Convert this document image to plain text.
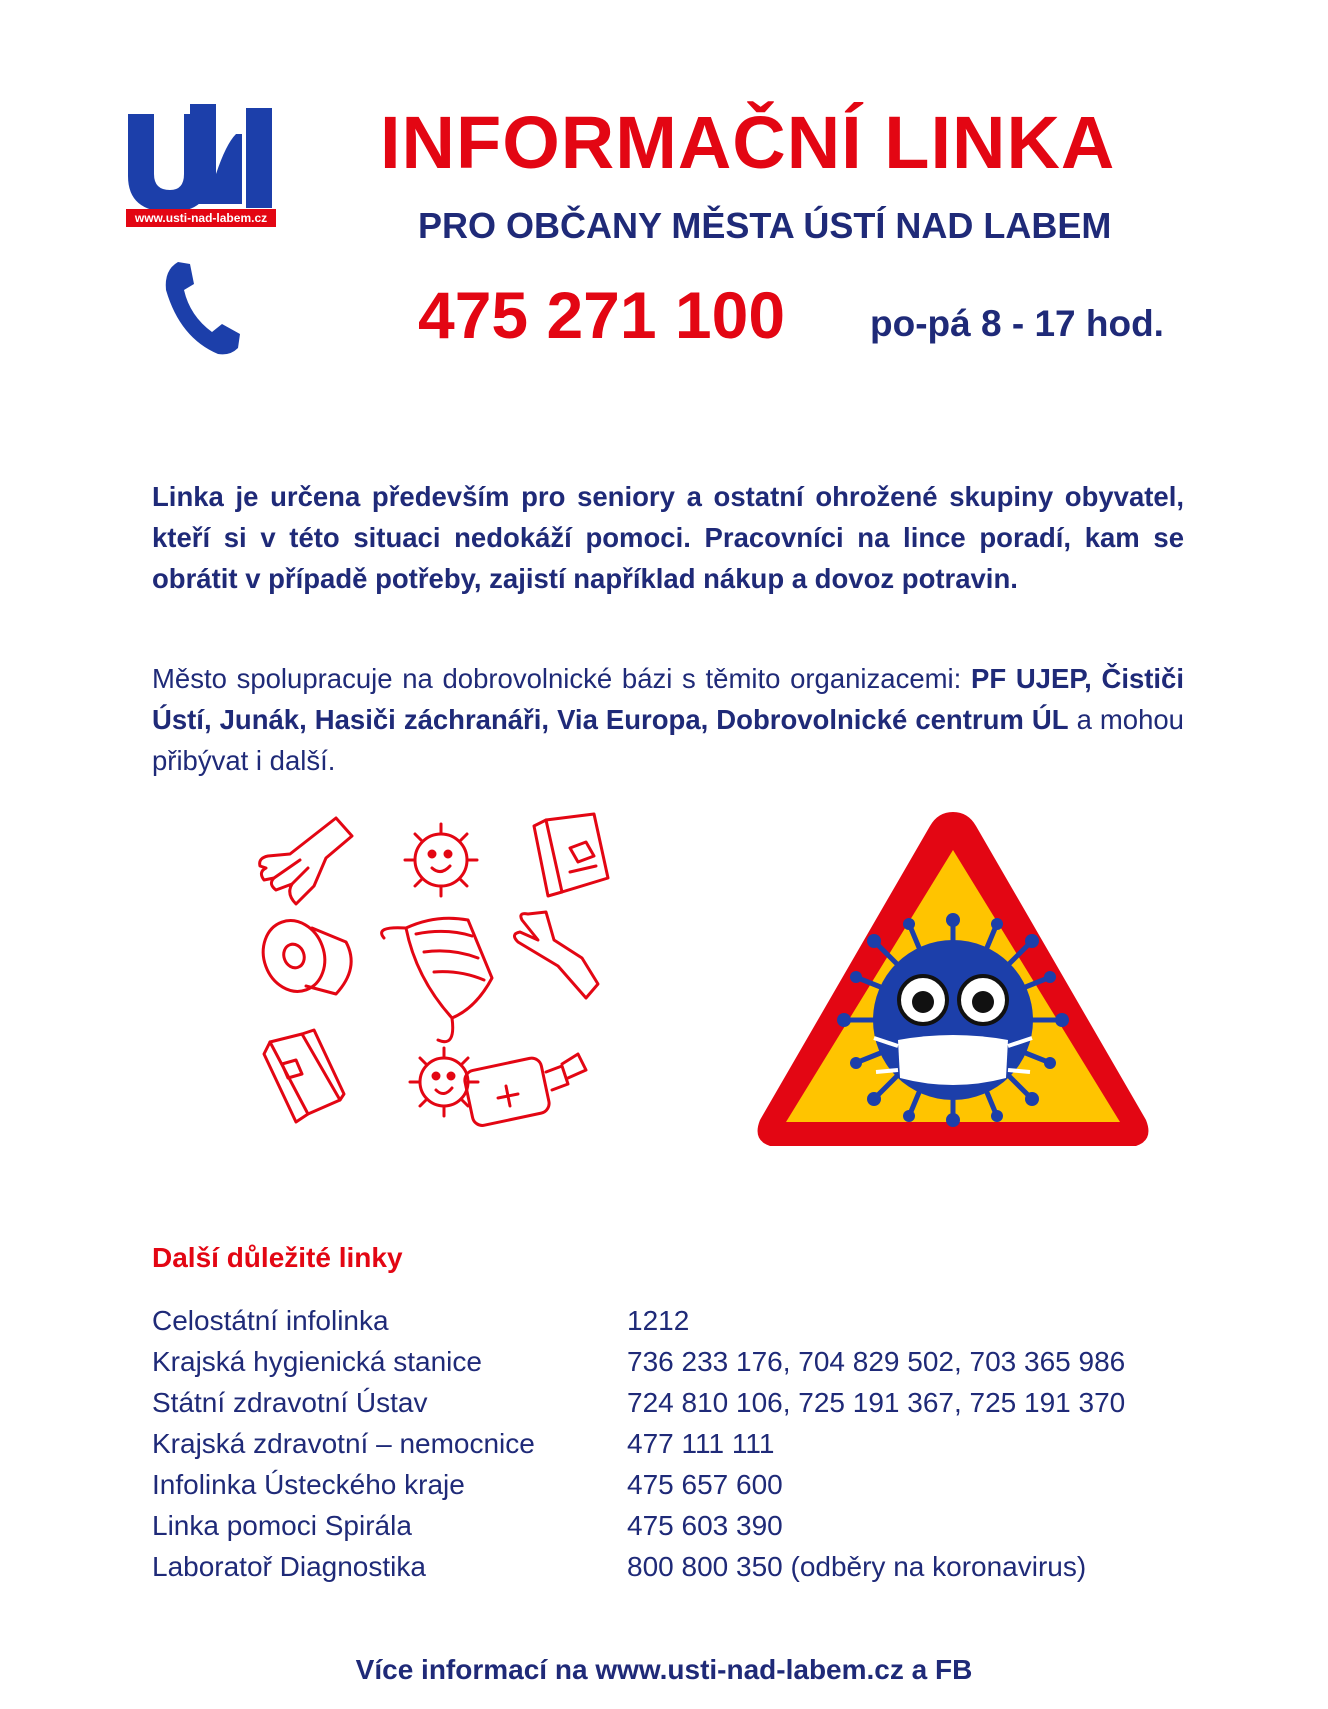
www.usti-nad-labem.cz
INFORMAČNÍ LINKA
PRO OBČANY MĚSTA ÚSTÍ NAD LABEM
475 271 100 po-pá 8 - 17 hod.
Linka je určena především pro seniory a ostatní ohrožené skupiny obyvatel, kteří si v této situaci nedokáží pomoci. Pracovníci na lince poradí, kam se obrátit v případě potřeby, zajistí například nákup a dovoz potravin.
Město spolupracuje na dobrovolnické bázi s těmito organizacemi: PF UJEP, Čističi Ústí, Junák, Hasiči záchranáři, Via Europa, Dobrovolnické centrum ÚL a mohou přibývat i další.
Další důležité linky
Celostátní infolinka	1212
Krajská hygienická stanice	736 233 176, 704 829 502, 703 365 986
Státní zdravotní Ústav	724 810 106, 725 191 367, 725 191 370
Krajská zdravotní – nemocnice	477 111 111
Infolinka Ústeckého kraje	475 657 600
Linka pomoci Spirála	475 603 390
Laboratoř Diagnostika	800 800 350 (odběry na koronavirus)
Více informací na www.usti-nad-labem.cz a FB
